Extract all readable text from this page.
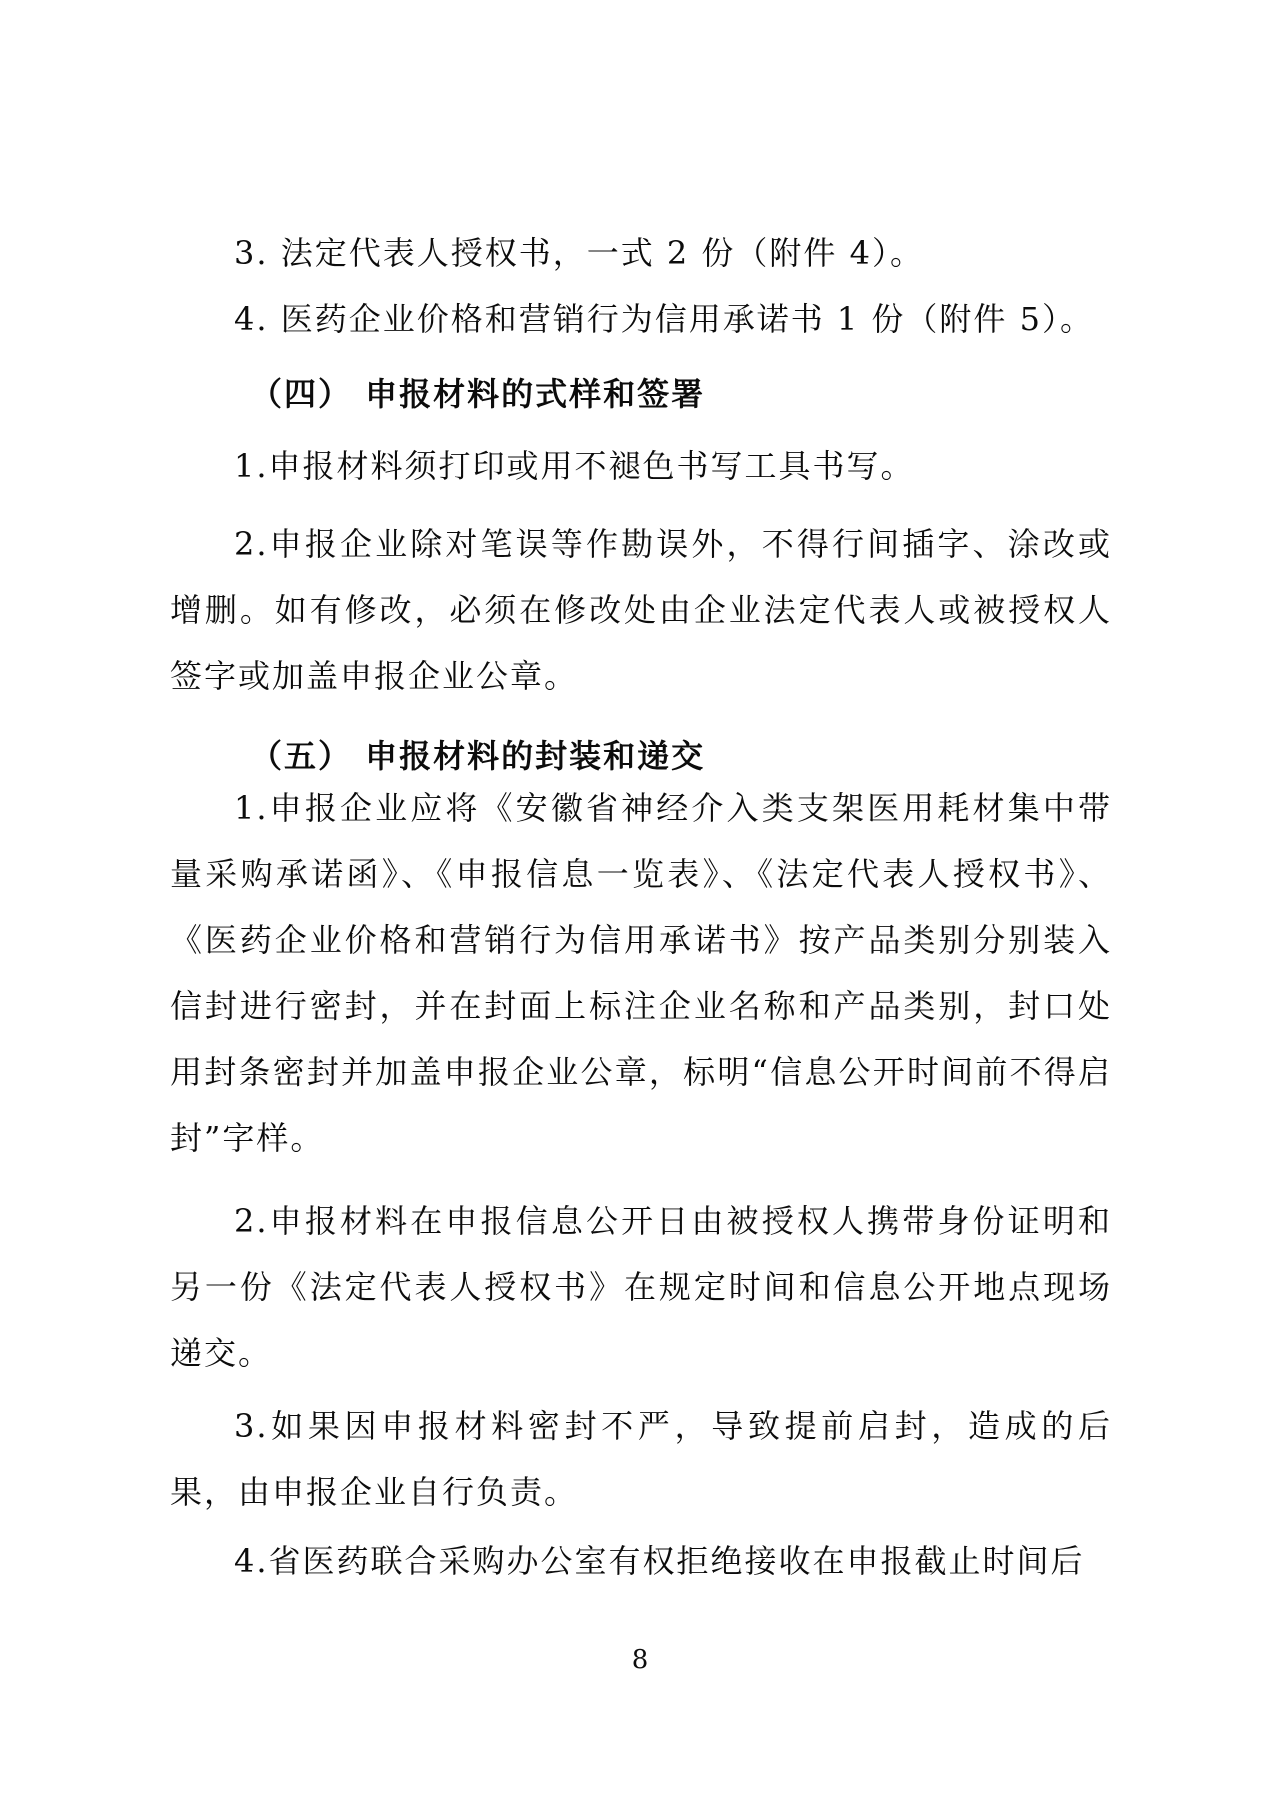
3. 法定代表人授权书，一式 2 份（附件 4）。
4. 医药企业价格和营销行为信用承诺书 1 份（附件 5）。
（四） 申报材料的式样和签署
1.申报材料须打印或用不褪色书写工具书写。
2.申报企业除对笔误等作勘误外，不得行间插字、涂改或增删。如有修改，必须在修改处由企业法定代表人或被授权人签字或加盖申报企业公章。
（五） 申报材料的封装和递交
1.申报企业应将《安徽省神经介入类支架医用耗材集中带量采购承诺函》、《申报信息一览表》、《法定代表人授权书》、《医药企业价格和营销行为信用承诺书》按产品类别分别装入信封进行密封，并在封面上标注企业名称和产品类别，封口处用封条密封并加盖申报企业公章，标明“信息公开时间前不得启封”字样。
2.申报材料在申报信息公开日由被授权人携带身份证明和另一份《法定代表人授权书》在规定时间和信息公开地点现场递交。
3.如果因申报材料密封不严，导致提前启封，造成的后果，由申报企业自行负责。
4.省医药联合采购办公室有权拒绝接收在申报截止时间后
8
